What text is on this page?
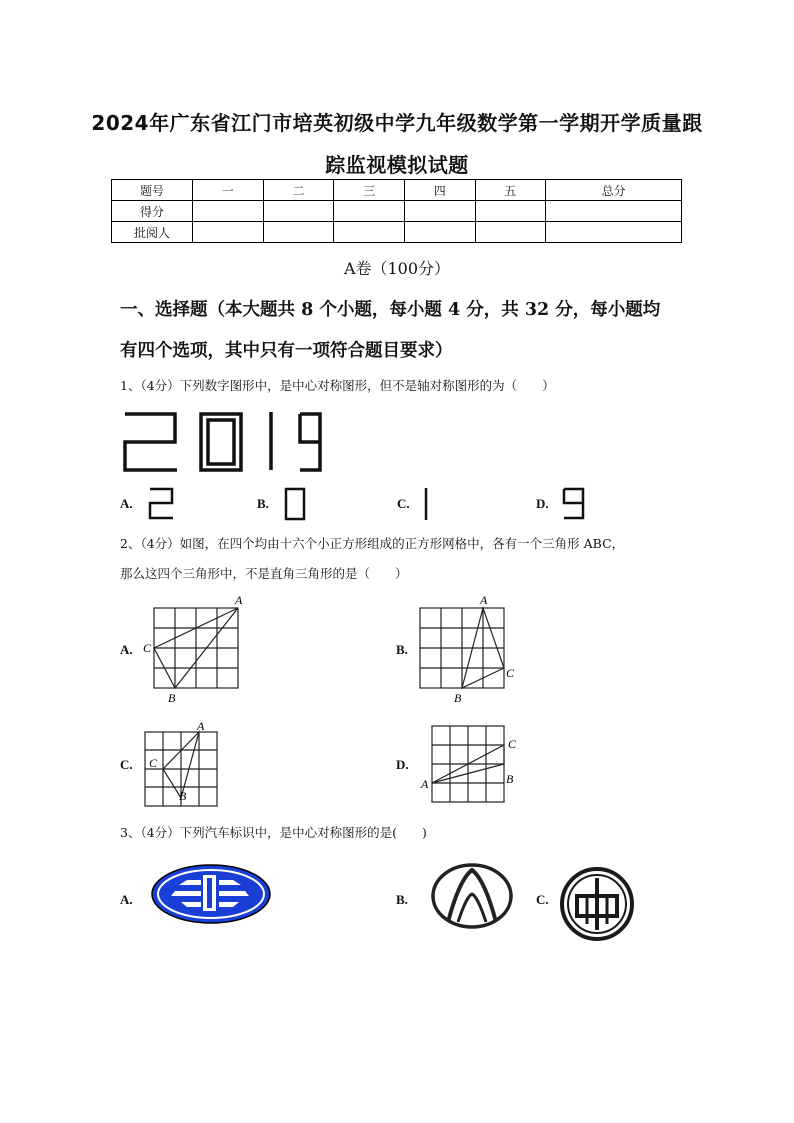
2024年广东省江门市培英初级中学九年级数学第一学期开学质量跟
踪监视模拟试题
题号	一	二	三	四	五	总分
得分						
批阅人						
A卷（100分）
一、选择题（本大题共 8 个小题，每小题 4 分，共 32 分，每小题均
有四个选项，其中只有一项符合题目要求）
1、（4分）下列数字图形中，是中心对称图形，但不是轴对称图形的为（　　）
A.	B.	C.	D.
2、（4分）如图，在四个均由十六个小正方形组成的正方形网格中，各有一个三角形 ABC，
那么这四个三角形中，不是直角三角形的是（　　）
A.
A
B
C	B.
A
B
C
C.
A
B
C	D.
A	B
C
3、（4分）下列汽车标识中，是中心对称图形的是(　　)
A.	B.	C.
